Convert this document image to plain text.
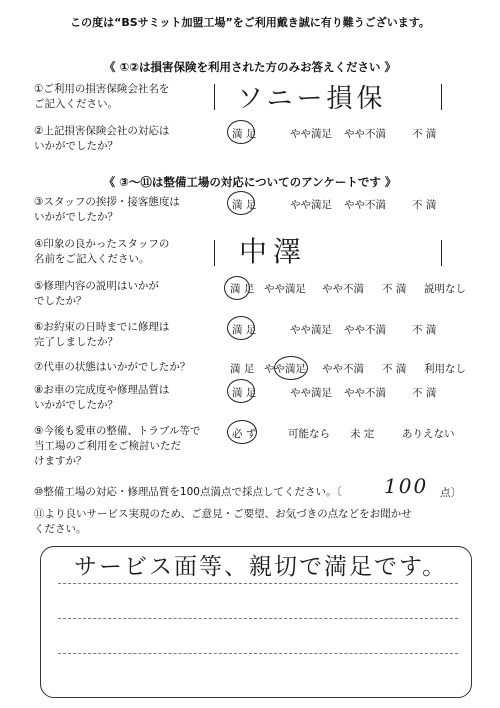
この度は“BSサミット加盟工場”をご利用戴き誠に有り難うございます。
《 ①②は損害保険を利用された方のみお答えください 》
①ご利用の損害保険会社名を
ご記入ください。	ソニー損保
②上記損害保険会社の対応は
いかがでしたか？
満 足	やや満足 やや不満 不 満
《 ③〜⑪は整備工場の対応についてのアンケートです 》
③スタッフの挨拶・接客態度は
いかがでしたか？
満 足	やや満足 やや不満 不 満
④印象の良かったスタッフの
名前をご記入ください。	中澤
⑤修理内容の説明はいかが
でしたか？
満 足 やや満足 やや不満 不 満 説明なし
⑥お約束の日時までに修理は
完了しましたか？
満 足	やや満足 やや不満 不 満
⑦代車の状態はいかがでしたか？	満 足 やや満足 やや不満 不 満 利用なし
⑧お車の完成度や修理品質は
いかがでしたか？
満 足	やや満足 やや不満 不 満
⑨今後も愛車の整備、トラブル等で
当工場のご利用をご検討いただ
けますか？
必 ず	可能なら 未 定	ありえない
⑩整備工場の対応・修理品質を100点満点で採点してください。〔 100 点〕
⑪より良いサービス実現のため、ご意見・ご要望、お気づきの点などをお聞かせ
ください。
サービス面等、親切で満足です。
